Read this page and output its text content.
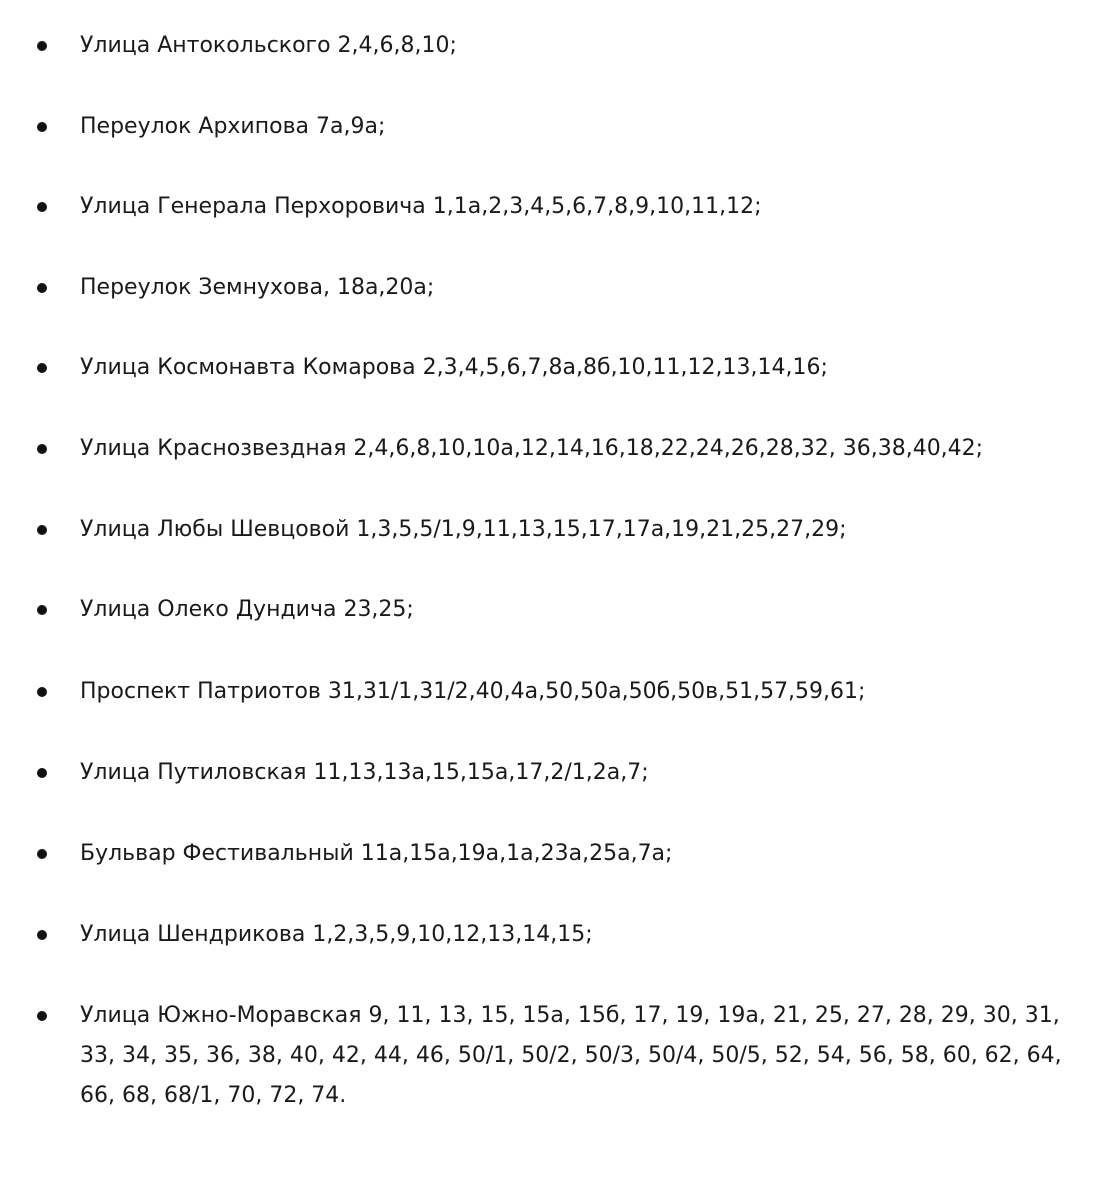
Улица Антокольского 2,4,6,8,10;
Переулок Архипова 7а,9а;
Улица Генерала Перхоровича 1,1а,2,3,4,5,6,7,8,9,10,11,12;
Переулок Земнухова, 18а,20а;
Улица Космонавта Комарова 2,3,4,5,6,7,8а,8б,10,11,12,13,14,16;
Улица Краснозвездная 2,4,6,8,10,10а,12,14,16,18,22,24,26,28,32, 36,38,40,42;
Улица Любы Шевцовой 1,3,5,5/1,9,11,13,15,17,17а,19,21,25,27,29;
Улица Олеко Дундича 23,25;
Проспект Патриотов 31,31/1,31/2,40,4а,50,50а,50б,50в,51,57,59,61;
Улица Путиловская 11,13,13а,15,15а,17,2/1,2а,7;
Бульвар Фестивальный 11а,15а,19а,1а,23а,25а,7а;
Улица Шендрикова 1,2,3,5,9,10,12,13,14,15;
Улица Южно-Моравская 9, 11, 13, 15, 15а, 15б, 17, 19, 19а, 21, 25, 27, 28, 29, 30, 31, 33, 34, 35, 36, 38, 40, 42, 44, 46, 50/1, 50/2, 50/3, 50/4, 50/5, 52, 54, 56, 58, 60, 62, 64, 66, 68, 68/1, 70, 72, 74.
